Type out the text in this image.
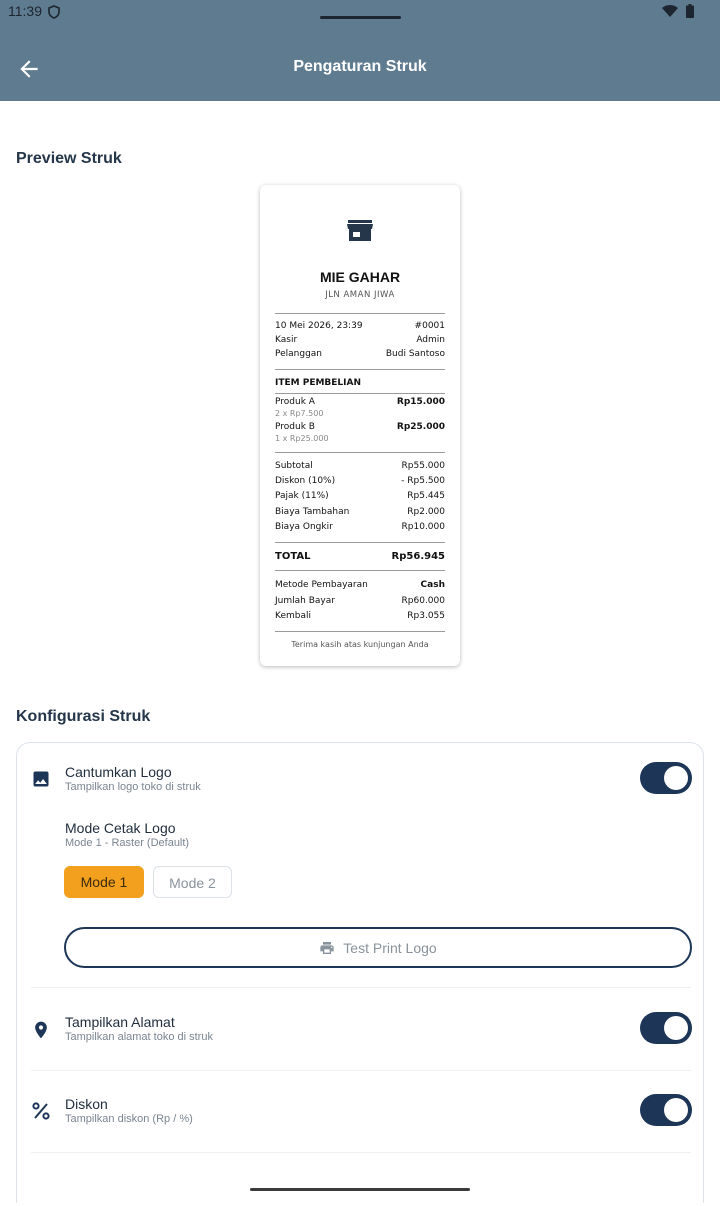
11:39
Pengaturan Struk
Preview Struk
MIE GAHAR
JLN AMAN JIWA
10 Mei 2026, 23:39	#0001
Kasir	Admin
Pelanggan	Budi Santoso
ITEM PEMBELIAN
Produk A	Rp15.000
2 x Rp7.500
Produk B	Rp25.000
1 x Rp25.000
Subtotal	Rp55.000
Diskon (10%)	- Rp5.500
Pajak (11%)	Rp5.445
Biaya Tambahan	Rp2.000
Biaya Ongkir	Rp10.000
TOTAL	Rp56.945
Metode Pembayaran	Cash
Jumlah Bayar	Rp60.000
Kembali	Rp3.055
Terima kasih atas kunjungan Anda
Konfigurasi Struk
Cantumkan Logo
Tampilkan logo toko di struk
Mode Cetak Logo
Mode 1 - Raster (Default)
Mode 1	Mode 2
Test Print Logo
Tampilkan Alamat
Tampilkan alamat toko di struk
Diskon
Tampilkan diskon (Rp / %)
